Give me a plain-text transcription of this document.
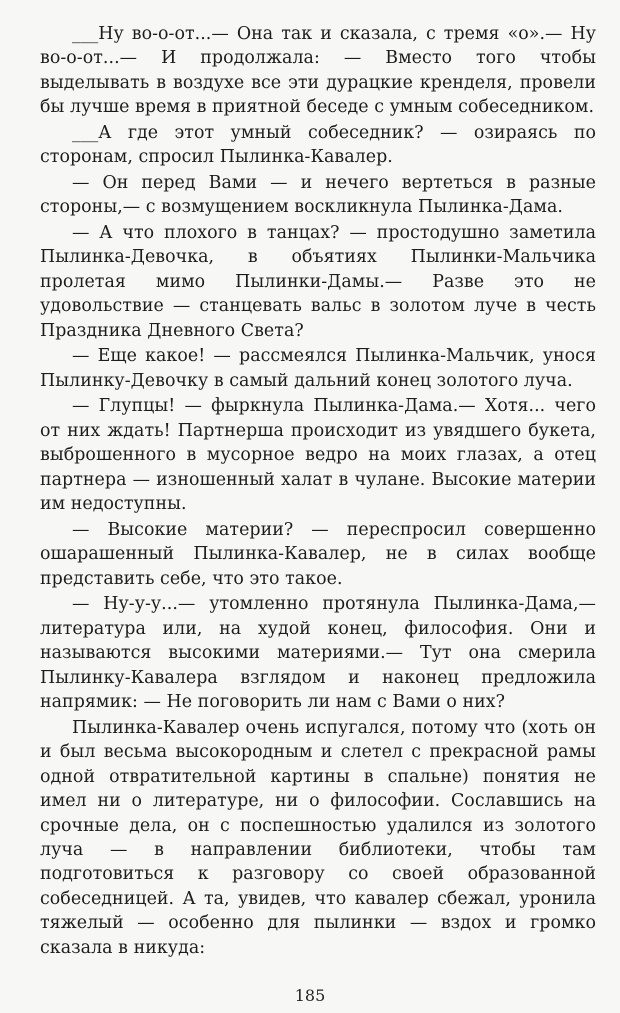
___Ну во-о-от...— Она так и сказала, с тремя «о».— Ну во-о-от...— И продолжала: — Вместо того чтобы выделывать в воздухе все эти дурацкие кренделя, провели бы лучше время в приятной беседе с умным собеседником.

___А где этот умный собеседник? — озираясь по сторонам, спросил Пылинка-Кавалер.

— Он перед Вами — и нечего вертеться в разные стороны,— с возмущением воскликнула Пылинка-Дама.

— А что плохого в танцах? — простодушно заметила Пылинка-Девочка, в объятиях Пылинки-Мальчика пролетая мимо Пылинки-Дамы.— Разве это не удовольствие — станцевать вальс в золотом луче в честь Праздника Дневного Света?

— Еще какое! — рассмеялся Пылинка-Мальчик, унося Пылинку-Девочку в самый дальний конец золотого луча.

— Глупцы! — фыркнула Пылинка-Дама.— Хотя... чего от них ждать! Партнерша происходит из увядшего букета, выброшенного в мусорное ведро на моих глазах, а отец партнера — изношенный халат в чулане. Высокие материи им недоступны.

— Высокие материи? — переспросил совершенно ошарашенный Пылинка-Кавалер, не в силах вообще представить себе, что это такое.

— Ну-у-у...— утомленно протянула Пылинка-Дама,— литература или, на худой конец, философия. Они и называются высокими материями.— Тут она смерила Пылинку-Кавалера взглядом и наконец предложила напрямик: — Не поговорить ли нам с Вами о них?

Пылинка-Кавалер очень испугался, потому что (хоть он и был весьма высокородным и слетел с прекрасной рамы одной отвратительной картины в спальне) понятия не имел ни о литературе, ни о философии. Сославшись на срочные дела, он с поспешностью удалился из золотого луча — в направлении библиотеки, чтобы там подготовиться к разговору со своей образованной собеседницей. А та, увидев, что кавалер сбежал, уронила тяжелый — особенно для пылинки — вздох и громко сказала в никуда:

185
